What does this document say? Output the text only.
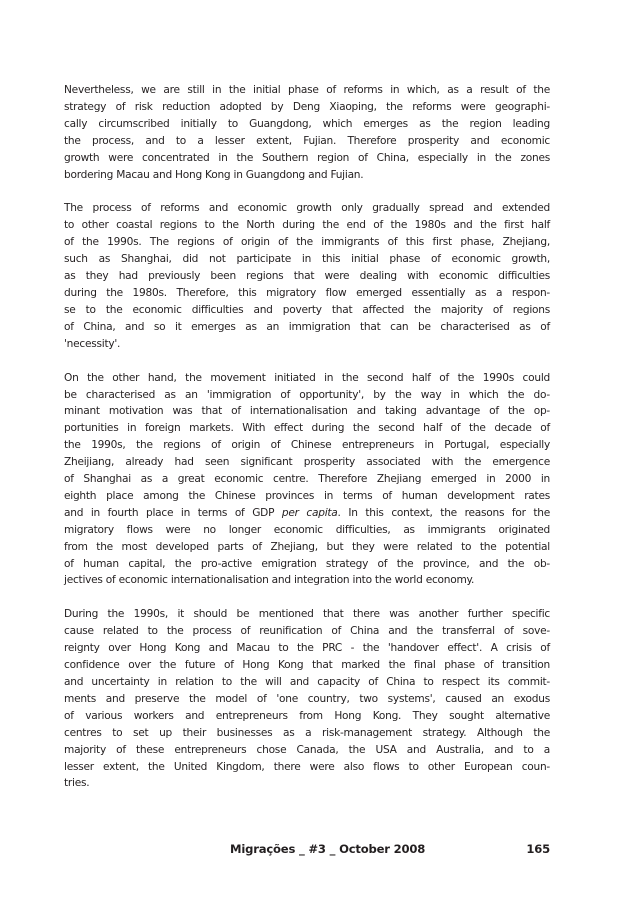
Nevertheless, we are still in the initial phase of reforms in which, as a result of the
strategy of risk reduction adopted by Deng Xiaoping, the reforms were geographi-
cally circumscribed initially to Guangdong, which emerges as the region leading
the process, and to a lesser extent, Fujian. Therefore prosperity and economic
growth were concentrated in the Southern region of China, especially in the zones
bordering Macau and Hong Kong in Guangdong and Fujian.

The process of reforms and economic growth only gradually spread and extended
to other coastal regions to the North during the end of the 1980s and the first half
of the 1990s. The regions of origin of the immigrants of this first phase, Zhejiang,
such as Shanghai, did not participate in this initial phase of economic growth,
as they had previously been regions that were dealing with economic difficulties
during the 1980s. Therefore, this migratory flow emerged essentially as a respon-
se to the economic difficulties and poverty that affected the majority of regions
of China, and so it emerges as an immigration that can be characterised as of
'necessity'.

On the other hand, the movement initiated in the second half of the 1990s could
be characterised as an 'immigration of opportunity', by the way in which the do-
minant motivation was that of internationalisation and taking advantage of the op-
portunities in foreign markets. With effect during the second half of the decade of
the 1990s, the regions of origin of Chinese entrepreneurs in Portugal, especially
Zheijiang, already had seen significant prosperity associated with the emergence
of Shanghai as a great economic centre. Therefore Zhejiang emerged in 2000 in
eighth place among the Chinese provinces in terms of human development rates
and in fourth place in terms of GDP per capita. In this context, the reasons for the
migratory flows were no longer economic difficulties, as immigrants originated
from the most developed parts of Zhejiang, but they were related to the potential
of human capital, the pro-active emigration strategy of the province, and the ob-
jectives of economic internationalisation and integration into the world economy.

During the 1990s, it should be mentioned that there was another further specific
cause related to the process of reunification of China and the transferral of sove-
reignty over Hong Kong and Macau to the PRC - the 'handover effect'. A crisis of
confidence over the future of Hong Kong that marked the final phase of transition
and uncertainty in relation to the will and capacity of China to respect its commit-
ments and preserve the model of 'one country, two systems', caused an exodus
of various workers and entrepreneurs from Hong Kong. They sought alternative
centres to set up their businesses as a risk-management strategy. Although the
majority of these entrepreneurs chose Canada, the USA and Australia, and to a
lesser extent, the United Kingdom, there were also flows to other European coun-
tries.

Migrações _ #3 _ October 2008	165
